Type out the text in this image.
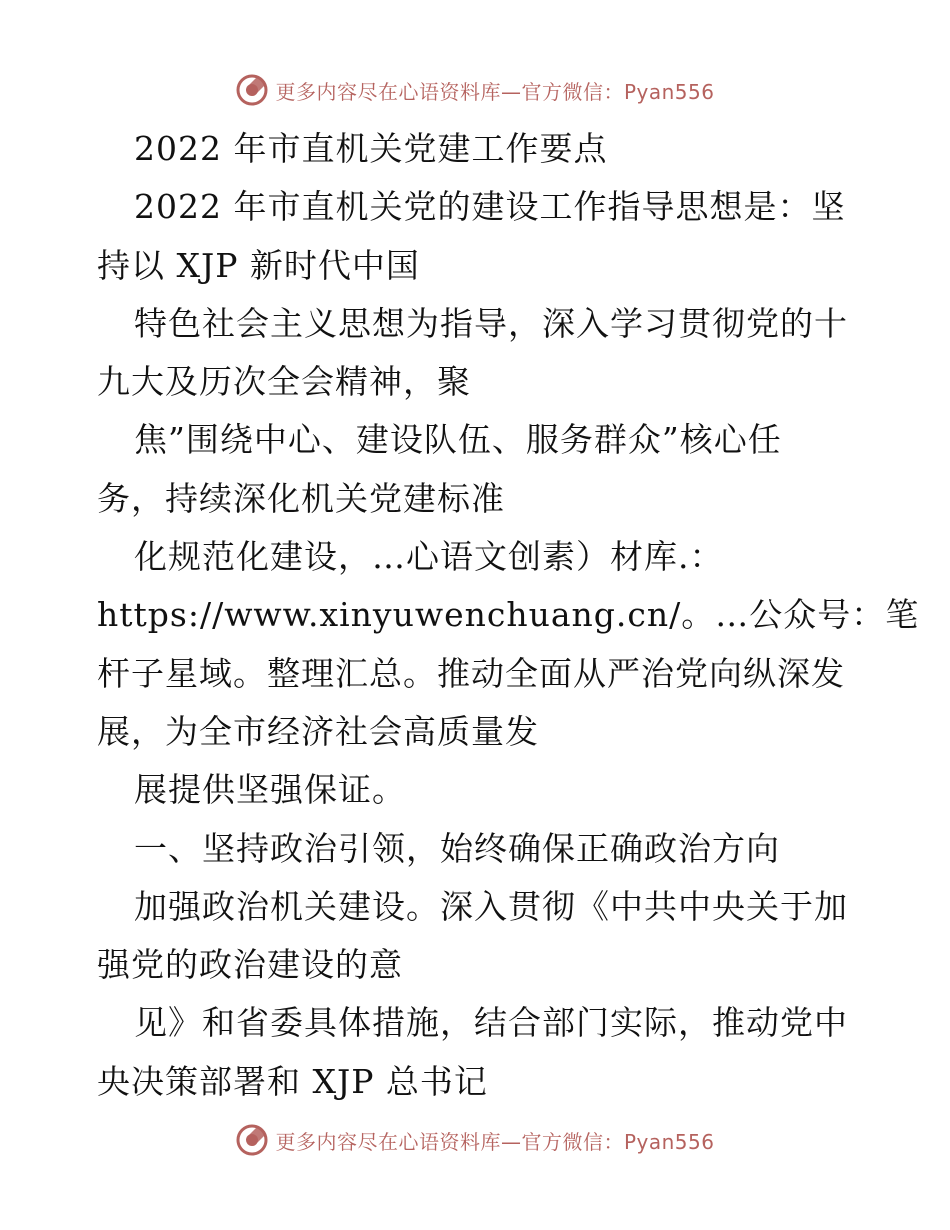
更多内容尽在心语资料库—官方微信：Pyan556
2022 年市直机关党建工作要点
2022 年市直机关党的建设工作指导思想是：坚
持以 XJP 新时代中国
特色社会主义思想为指导，深入学习贯彻党的十
九大及历次全会精神，聚
焦”围绕中心、建设队伍、服务群众”核心任
务，持续深化机关党建标准
化规范化建设，…心语文创素）材库.：
https://www.xinyuwenchuang.cn/。…公众号：笔
杆子星域。整理汇总。推动全面从严治党向纵深发
展，为全市经济社会高质量发
展提供坚强保证。
一、坚持政治引领，始终确保正确政治方向
加强政治机关建设。深入贯彻《中共中央关于加
强党的政治建设的意
见》和省委具体措施，结合部门实际，推动党中
央决策部署和 XJP 总书记
更多内容尽在心语资料库—官方微信：Pyan556
